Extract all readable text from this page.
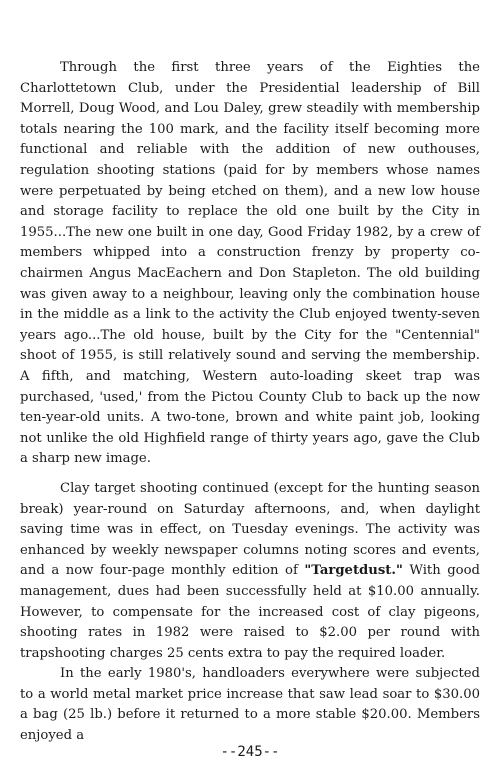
Through the first three years of the Eighties the Charlottetown Club, under the Presidential leadership of Bill Morrell, Doug Wood, and Lou Daley, grew steadily with membership totals nearing the 100 mark, and the facility itself becoming more functional and reliable with the addition of new outhouses, regulation shooting stations (paid for by members whose names were perpetuated by being etched on them), and a new low house and storage facility to replace the old one built by the City in 1955...The new one built in one day, Good Friday 1982, by a crew of members whipped into a construction frenzy by property co-chairmen Angus MacEachern and Don Stapleton. The old building was given away to a neighbour, leaving only the combination house in the middle as a link to the activity the Club enjoyed twenty-seven years ago...The old house, built by the City for the "Centennial" shoot of 1955, is still relatively sound and serving the membership. A fifth, and matching, Western auto-loading skeet trap was purchased, 'used,' from the Pictou County Club to back up the now ten-year-old units. A two-tone, brown and white paint job, looking not unlike the old Highfield range of thirty years ago, gave the Club a sharp new image.

Clay target shooting continued (except for the hunting season break) year-round on Saturday afternoons, and, when daylight saving time was in effect, on Tuesday evenings. The activity was enhanced by weekly newspaper columns noting scores and events, and a now four-page monthly edition of "Targetdust." With good management, dues had been successfully held at $10.00 annually. However, to compensate for the increased cost of clay pigeons, shooting rates in 1982 were raised to $2.00 per round with trapshooting charges 25 cents extra to pay the required loader.

In the early 1980's, handloaders everywhere were subjected to a world metal market price increase that saw lead soar to $30.00 a bag (25 lb.) before it returned to a more stable $20.00. Members enjoyed a

--245--
